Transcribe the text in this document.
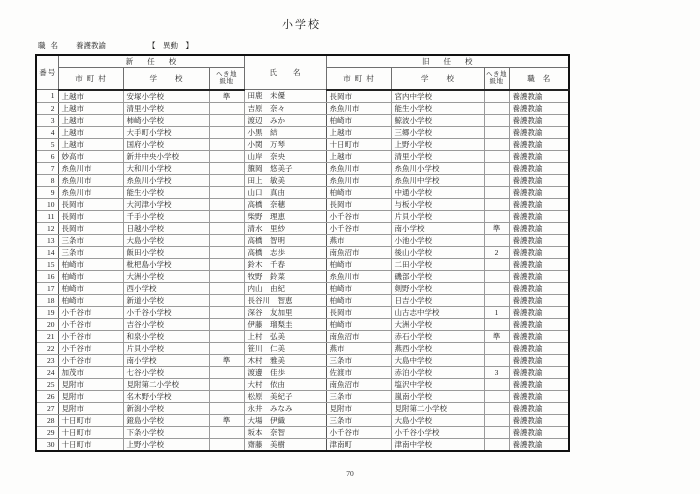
小学校
職名 養護教諭	【　異動　】
番号	新任校			氏名	旧任校			
	市町村	学校	へき地級地		市町村	学校	へき地級地	職名
1	上越市	安塚小学校	準	田鹿　未優	長岡市	宮内中学校		養護教諭
2	上越市	清里小学校		吉原　奈々	糸魚川市	能生小学校		養護教諭
3	上越市	柿崎小学校		渡辺　みか	柏崎市	鯨波小学校		養護教諭
4	上越市	大手町小学校		小黒　結	上越市	三郷小学校		養護教諭
5	上越市	国府小学校		小関　万琴	十日町市	上野小学校		養護教諭
6	妙高市	新井中央小学校		山岸　奈央	上越市	清里小学校		養護教諭
7	糸魚川市	大和川小学校		籏岡　悠美子	糸魚川市	糸魚川小学校		養護教諭
8	糸魚川市	糸魚川小学校		田上　敏美	糸魚川市	糸魚川中学校		養護教諭
9	糸魚川市	能生小学校		山口　真由	柏崎市	中通小学校		養護教諭
10	長岡市	大河津小学校		高橋　奈穂	長岡市	与板小学校		養護教諭
11	長岡市	千手小学校		柴野　理恵	小千谷市	片貝小学校		養護教諭
12	長岡市	日越小学校		清水　里紗	小千谷市	南小学校	準	養護教諭
13	三条市	大島小学校		高橋　智明	燕市	小池小学校		養護教諭
14	三条市	飯田小学校		高橋　志歩	南魚沼市	後山小学校	2	養護教諭
15	柏崎市	枇杷島小学校		鈴木　千春	柏崎市	二田小学校		養護教諭
16	柏崎市	大洲小学校		牧野　鈴菜	糸魚川市	磯部小学校		養護教諭
17	柏崎市	西小学校		内山　由紀	柏崎市	剣野小学校		養護教諭
18	柏崎市	新道小学校		長谷川　智恵	柏崎市	日吉小学校		養護教諭
19	小千谷市	小千谷小学校		深谷　友加里	長岡市	山古志中学校	1	養護教諭
20	小千谷市	吉谷小学校		伊藤　瑠梨圭	柏崎市	大洲小学校		養護教諭
21	小千谷市	和泉小学校		上村　弘美	南魚沼市	赤石小学校	準	養護教諭
22	小千谷市	片貝小学校		笹川　仁美	燕市	燕西小学校		養護教諭
23	小千谷市	南小学校	準	木村　雅美	三条市	大島中学校		養護教諭
24	加茂市	七谷小学校		渡邊　佳歩	佐渡市	赤泊小学校	3	養護教諭
25	見附市	見附第二小学校		大村　依由	南魚沼市	塩沢中学校		養護教諭
26	見附市	名木野小学校		松原　美紀子	三条市	嵐南小学校		養護教諭
27	見附市	新潟小学校		永井　みなみ	見附市	見附第二小学校		養護教諭
28	十日町市	鐙島小学校	準	大場　伊織	三条市	大島小学校		養護教諭
29	十日町市	下条小学校		坂本　奈智	小千谷市	小千谷小学校		養護教諭
30	十日町市	上野小学校		齋藤　美樹	津南町	津南中学校		養護教諭
70
